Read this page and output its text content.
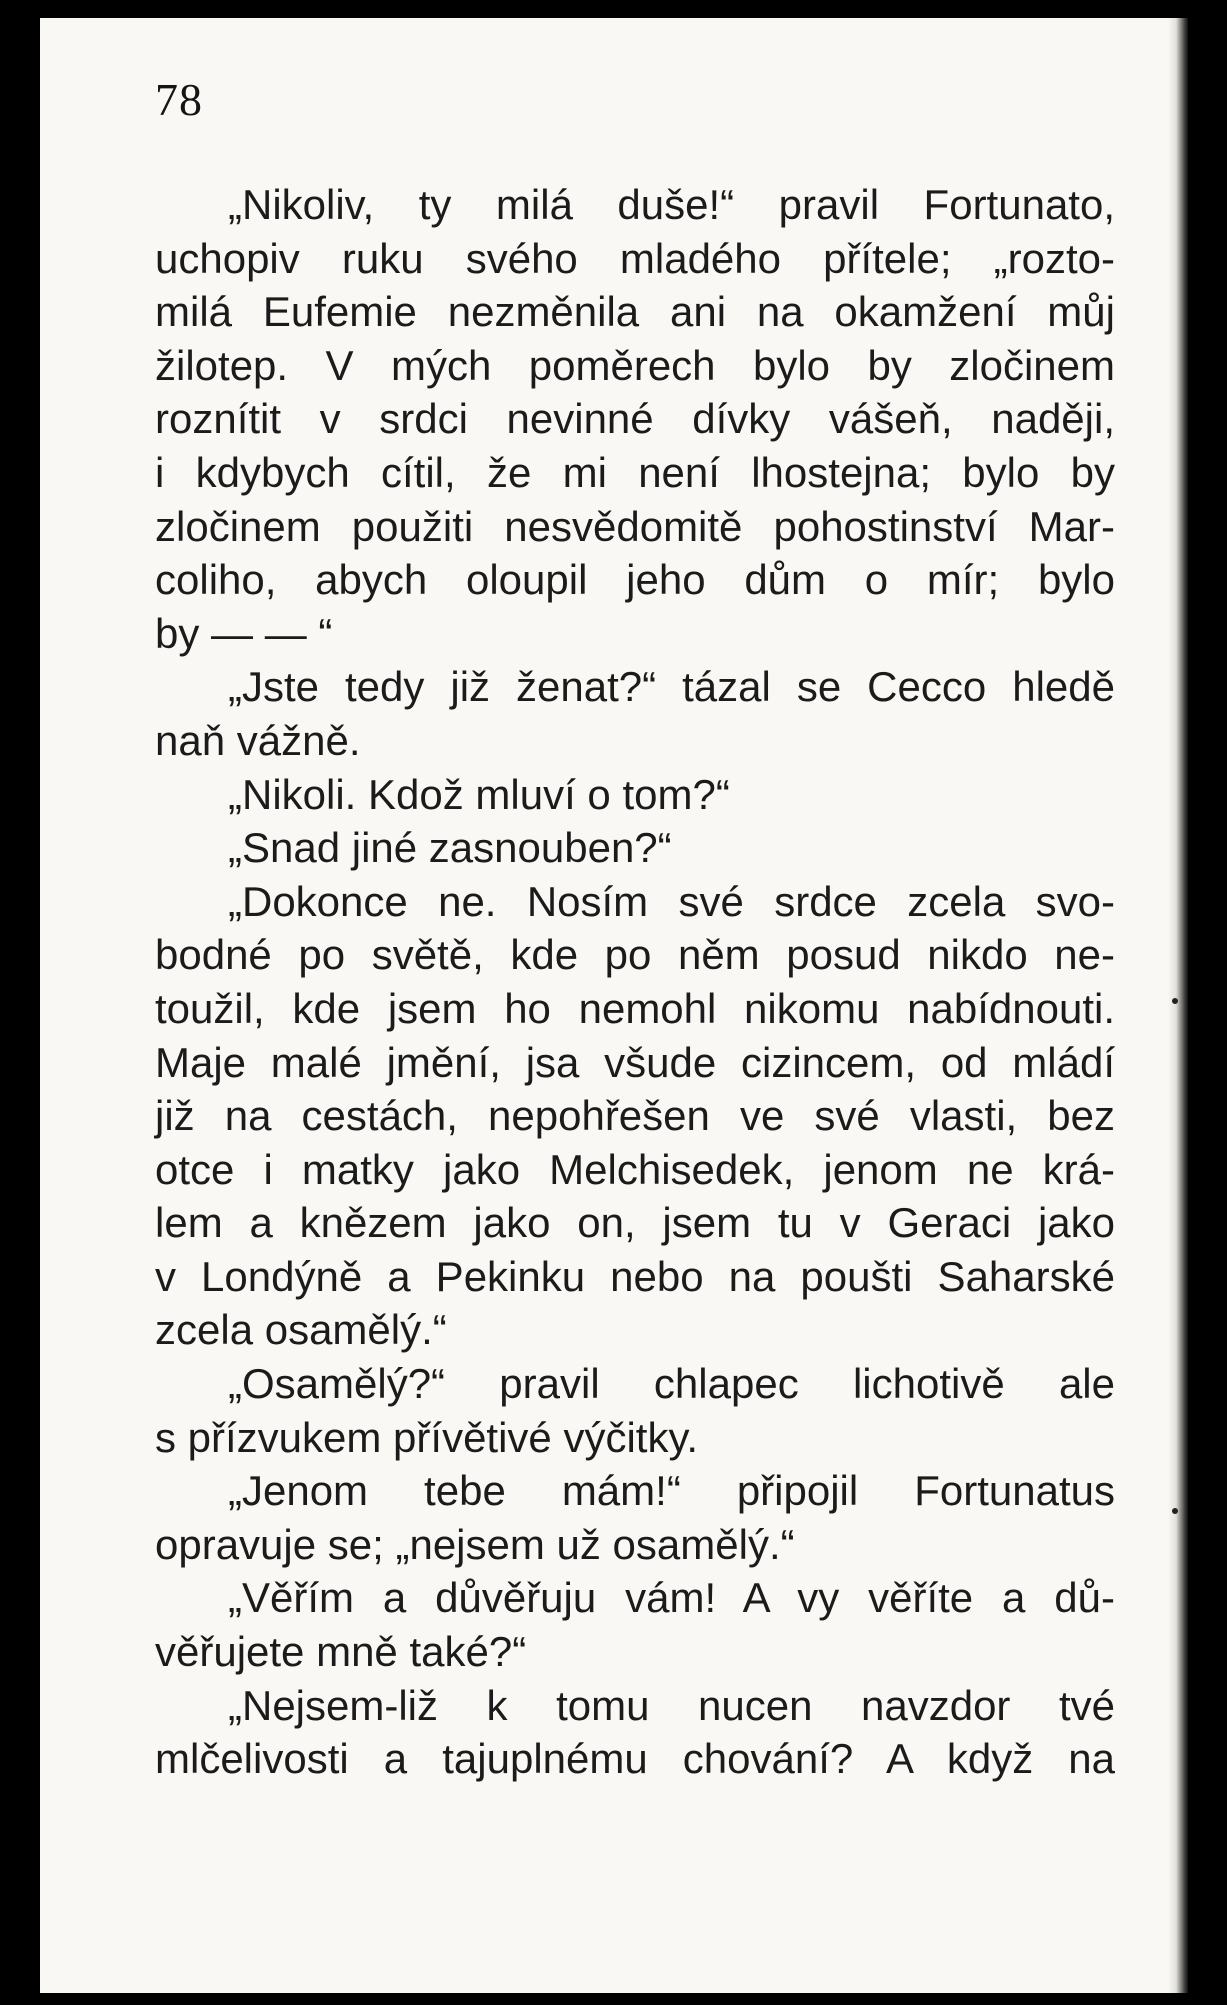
78
„Nikoliv, ty milá duše!“ pravil Fortunato,
uchopiv ruku svého mladého přítele; „rozto-
milá Eufemie nezměnila ani na okamžení můj
žilotep. V mých poměrech bylo by zločinem
roznítit v srdci nevinné dívky vášeň, naději,
i kdybych cítil, že mi není lhostejna; bylo by
zločinem použiti nesvědomitě pohostinství Mar-
coliho, abych oloupil jeho dům o mír; bylo
by — — “
„Jste tedy již ženat?“ tázal se Cecco hledě
naň vážně.
„Nikoli. Kdož mluví o tom?“
„Snad jiné zasnouben?“
„Dokonce ne. Nosím své srdce zcela svo-
bodné po světě, kde po něm posud nikdo ne-
toužil, kde jsem ho nemohl nikomu nabídnouti.
Maje malé jmění, jsa všude cizincem, od mládí
již na cestách, nepohřešen ve své vlasti, bez
otce i matky jako Melchisedek, jenom ne krá-
lem a knězem jako on, jsem tu v Geraci jako
v Londýně a Pekinku nebo na poušti Saharské
zcela osamělý.“
„Osamělý?“ pravil chlapec lichotivě ale
s přízvukem přívětivé výčitky.
„Jenom tebe mám!“ připojil Fortunatus
opravuje se; „nejsem už osamělý.“
„Věřím a důvěřuju vám! A vy věříte a dů-
věřujete mně také?“
„Nejsem-liž k tomu nucen navzdor tvé
mlčelivosti a tajuplnému chování? A když na
